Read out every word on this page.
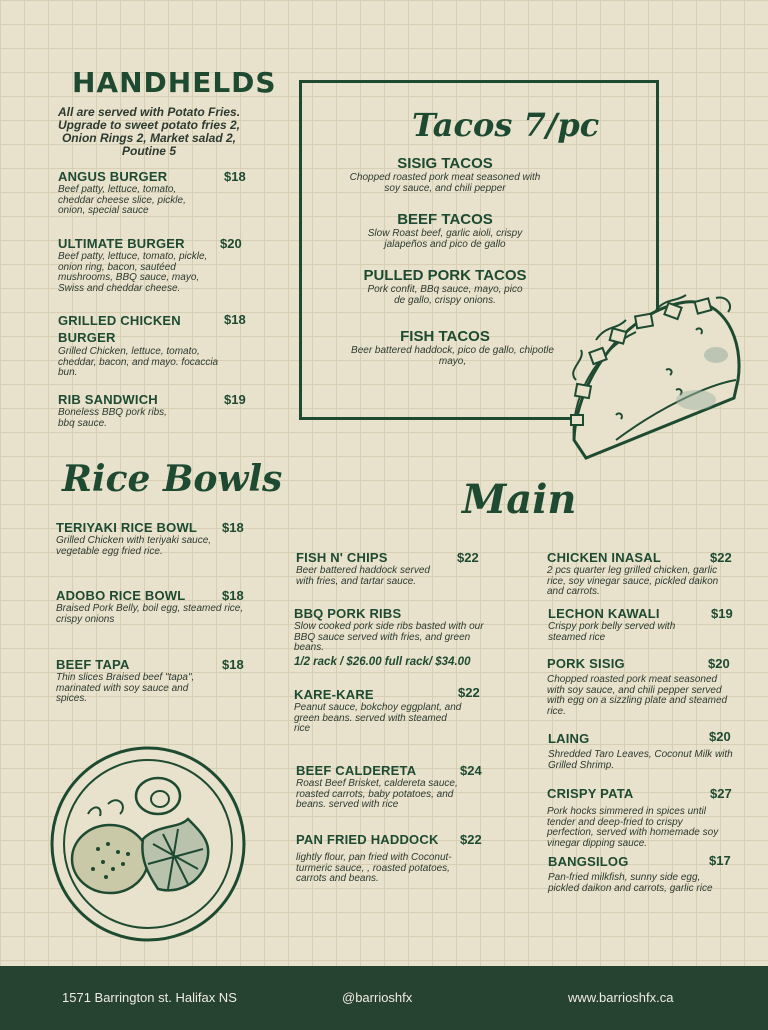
HANDHELDS
All are served with Potato Fries. Upgrade to sweet potato fries 2, Onion Rings 2, Market salad 2, Poutine 5
ANGUS BURGER	$18
Beef patty, lettuce, tomato, cheddar cheese slice, pickle, onion, special sauce
ULTIMATE BURGER	$20
Beef patty, lettuce, tomato, pickle, onion ring, bacon, sautéed mushrooms, BBQ sauce, mayo, Swiss and cheddar cheese.
GRILLED CHICKEN BURGER
$18
Grilled Chicken, lettuce, tomato, cheddar, bacon, and mayo. focaccia bun.
RIB SANDWICH	$19
Boneless BBQ pork ribs, bbq sauce.
Tacos 7/pc
SISIG TACOS
Chopped roasted pork meat seasoned with soy sauce, and chili pepper
BEEF TACOS
Slow Roast beef, garlic aioli, crispy jalapeños and pico de gallo
PULLED PORK TACOS
Pork confit, BBq sauce, mayo, pico de gallo, crispy onions.
FISH TACOS
Beer battered haddock, pico de gallo, chipotle mayo,
Rice Bowls
TERIYAKI RICE BOWL	$18
Grilled Chicken with teriyaki sauce, vegetable egg fried rice.
ADOBO RICE BOWL	$18
Braised Pork Belly, boil egg, steamed rice, crispy onions
BEEF TAPA	$18
Thin slices Braised beef "tapa", marinated with soy sauce and spices.
Main
FISH N' CHIPS	$22
Beer battered haddock served with fries, and tartar sauce.
BBQ PORK RIBS
Slow cooked pork side ribs basted with our BBQ sauce served with fries, and green beans.
1/2 rack / $26.00 full rack/ $34.00
KARE-KARE	$22
Peanut sauce, bokchoy eggplant, and green beans. served with steamed rice
BEEF CALDERETA	$24
Roast Beef Brisket, caldereta sauce, roasted carrots, baby potatoes, and beans. served with rice
PAN FRIED HADDOCK	$22
lightly flour, pan fried with Coconut-turmeric sauce, , roasted potatoes, carrots and beans.
CHICKEN INASAL	$22
2 pcs quarter leg grilled chicken, garlic rice, soy vinegar sauce, pickled daikon and carrots.
LECHON KAWALI	$19
Crispy pork belly served with steamed rice
PORK SISIG	$20
Chopped roasted pork meat seasoned with soy sauce, and chili pepper served with egg on a sizzling plate and steamed rice.
LAING	$20
Shredded Taro Leaves, Coconut Milk with Grilled Shrimp.
CRISPY PATA	$27
Pork hocks simmered in spices until tender and deep-fried to crispy perfection, served with homemade soy vinegar dipping sauce.
BANGSILOG	$17
Pan-fried milkfish, sunny side egg, pickled daikon and carrots, garlic rice
1571 Barrington st. Halifax NS	@barrioshfx	www.barrioshfx.ca
